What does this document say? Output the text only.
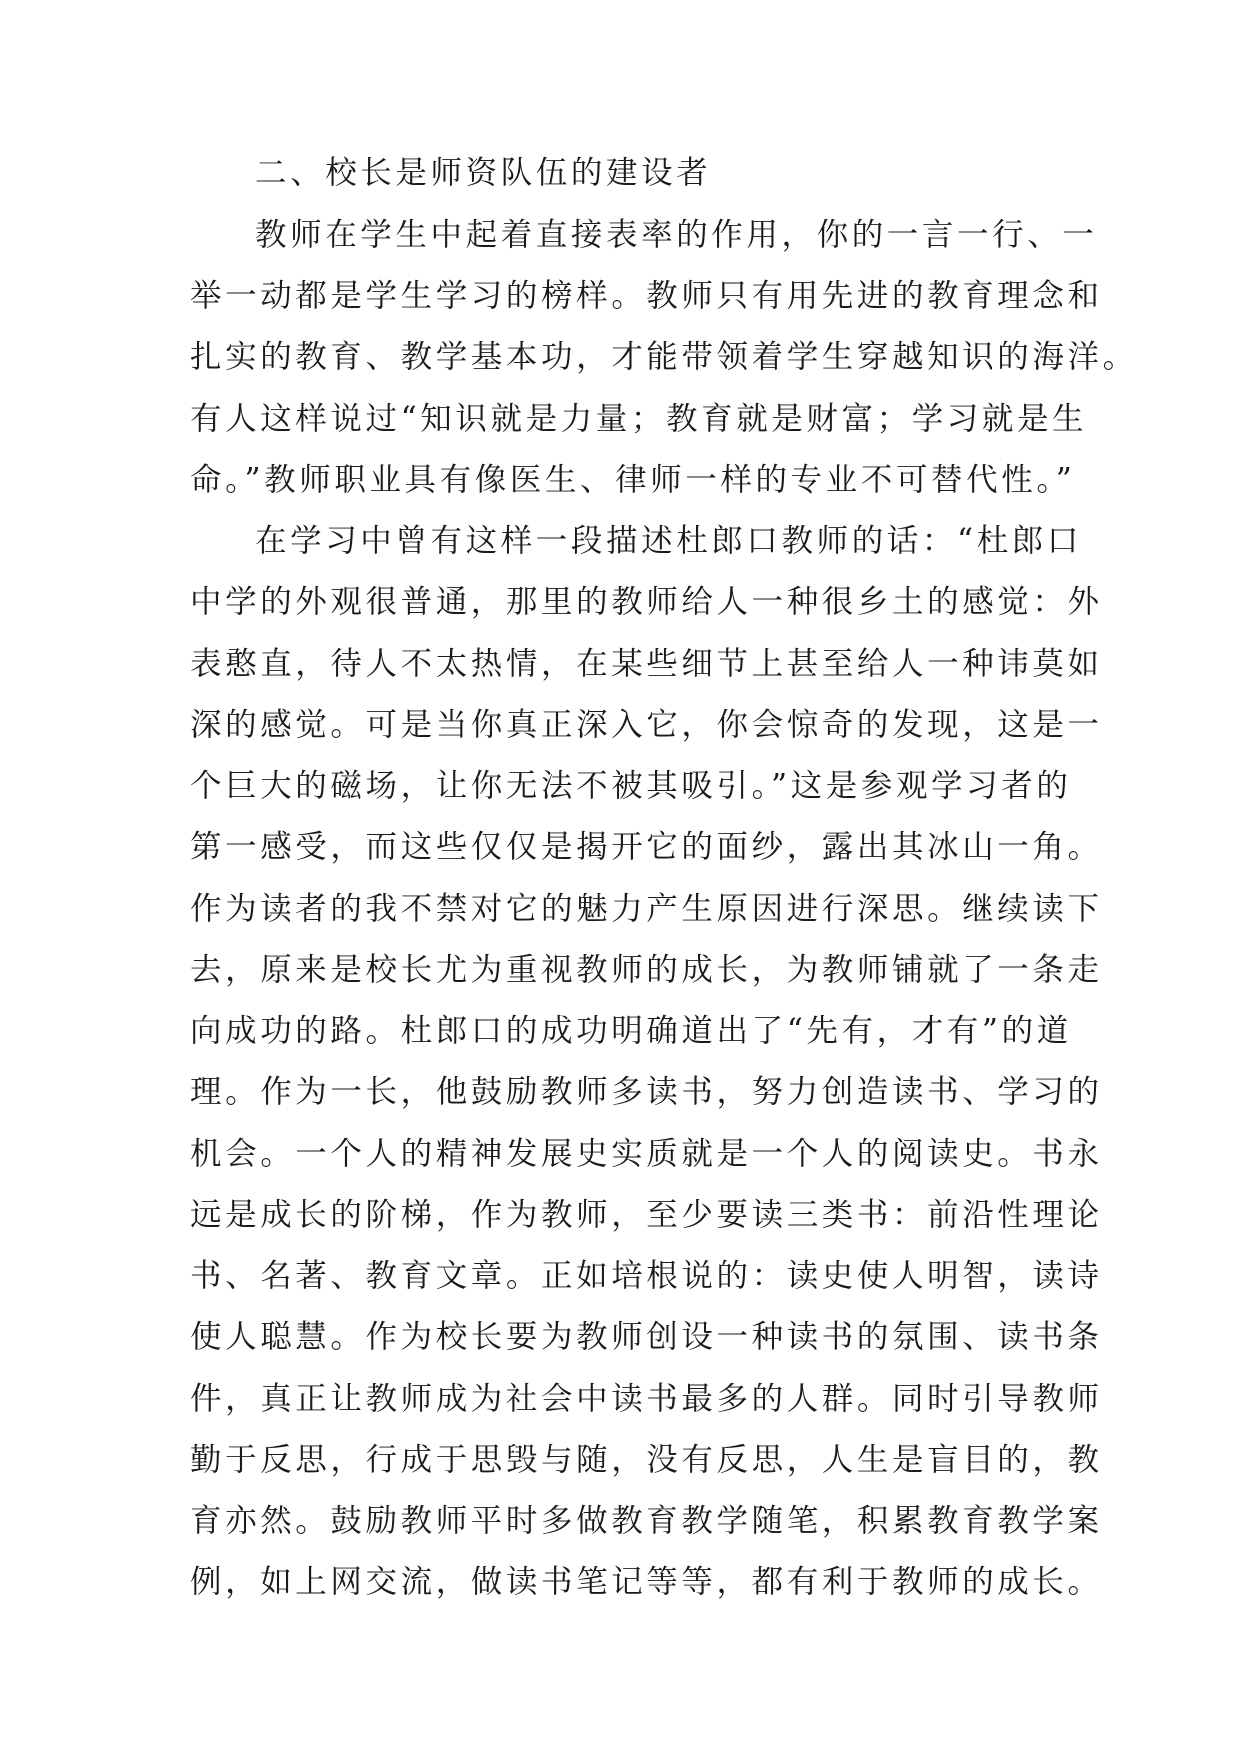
二、校长是师资队伍的建设者
教师在学生中起着直接表率的作用，你的一言一行、一
举一动都是学生学习的榜样。教师只有用先进的教育理念和
扎实的教育、教学基本功，才能带领着学生穿越知识的海洋。
有人这样说过“知识就是力量；教育就是财富；学习就是生
命。”教师职业具有像医生、律师一样的专业不可替代性。”
在学习中曾有这样一段描述杜郎口教师的话：“杜郎口
中学的外观很普通，那里的教师给人一种很乡土的感觉：外
表憨直，待人不太热情，在某些细节上甚至给人一种讳莫如
深的感觉。可是当你真正深入它，你会惊奇的发现，这是一
个巨大的磁场，让你无法不被其吸引。”这是参观学习者的
第一感受，而这些仅仅是揭开它的面纱，露出其冰山一角。
作为读者的我不禁对它的魅力产生原因进行深思。继续读下
去，原来是校长尤为重视教师的成长，为教师铺就了一条走
向成功的路。杜郎口的成功明确道出了“先有，才有”的道
理。作为一长，他鼓励教师多读书，努力创造读书、学习的
机会。一个人的精神发展史实质就是一个人的阅读史。书永
远是成长的阶梯，作为教师，至少要读三类书：前沿性理论
书、名著、教育文章。正如培根说的：读史使人明智，读诗
使人聪慧。作为校长要为教师创设一种读书的氛围、读书条
件，真正让教师成为社会中读书最多的人群。同时引导教师
勤于反思，行成于思毁与随，没有反思，人生是盲目的，教
育亦然。鼓励教师平时多做教育教学随笔，积累教育教学案
例，如上网交流，做读书笔记等等，都有利于教师的成长。
